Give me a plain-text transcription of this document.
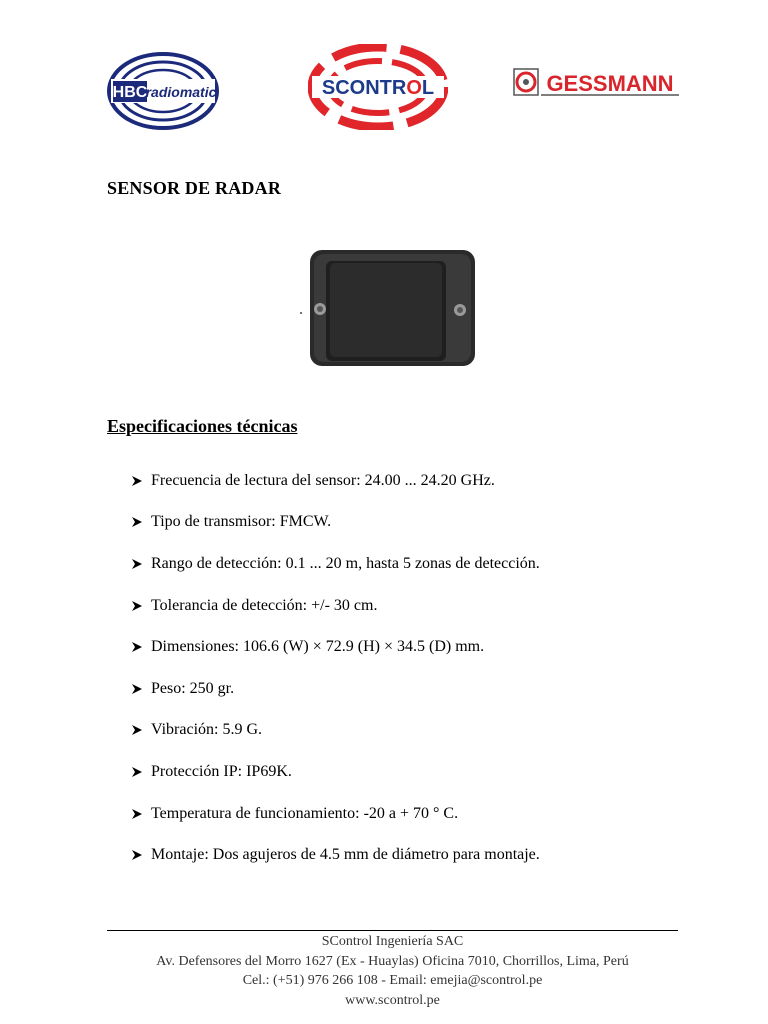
HBC
radiomatic	SCONTROL	GESSMANN
SENSOR DE RADAR
Especificaciones técnicas
Frecuencia de lectura del sensor: 24.00 ... 24.20 GHz.
Tipo de transmisor: FMCW.
Rango de detección: 0.1 ... 20 m, hasta 5 zonas de detección.
Tolerancia de detección: +/- 30 cm.
Dimensiones: 106.6 (W) × 72.9 (H) × 34.5 (D) mm.
Peso: 250 gr.
Vibración: 5.9 G.
Protección IP: IP69K.
Temperatura de funcionamiento: -20 a + 70 ° C.
Montaje: Dos agujeros de 4.5 mm de diámetro para montaje.
SControl Ingeniería SAC
Av. Defensores del Morro 1627 (Ex - Huaylas) Oficina 7010, Chorrillos, Lima, Perú
Cel.: (+51) 976 266 108 - Email: emejia@scontrol.pe
www.scontrol.pe
